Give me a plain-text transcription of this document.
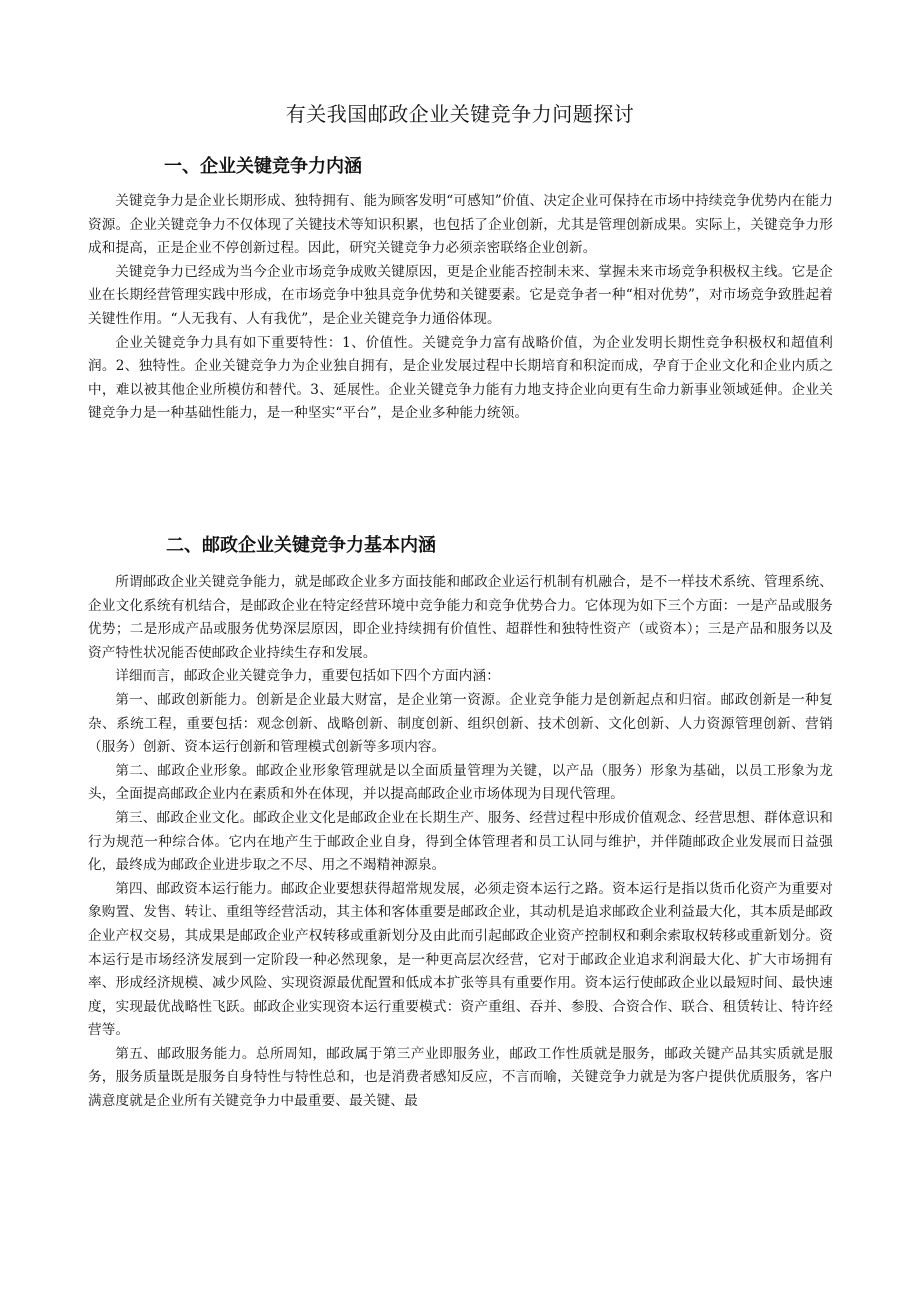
有关我国邮政企业关键竞争力问题探讨
一、企业关键竞争力内涵

关键竞争力是企业长期形成、独特拥有、能为顾客发明“可感知”价值、决定企业可保持在市场中持续竞争优势内在能力资源。企业关键竞争力不仅体现了关键技术等知识积累，也包括了企业创新，尤其是管理创新成果。实际上，关键竞争力形成和提高，正是企业不停创新过程。因此，研究关键竞争力必须亲密联络企业创新。

关键竞争力已经成为当今企业市场竞争成败关键原因，更是企业能否控制未来、掌握未来市场竞争积极权主线。它是企业在长期经营管理实践中形成，在市场竞争中独具竞争优势和关键要素。它是竞争者一种“相对优势”，对市场竞争致胜起着关键性作用。“人无我有、人有我优”，是企业关键竞争力通俗体现。

企业关键竞争力具有如下重要特性：1、价值性。关键竞争力富有战略价值，为企业发明长期性竞争积极权和超值利润。2、独特性。企业关键竞争力为企业独自拥有，是企业发展过程中长期培育和积淀而成，孕育于企业文化和企业内质之中，难以被其他企业所模仿和替代。3、延展性。企业关键竞争力能有力地支持企业向更有生命力新事业领域延伸。企业关键竞争力是一种基础性能力，是一种坚实“平台”，是企业多种能力统领。

二、邮政企业关键竞争力基本内涵

所谓邮政企业关键竞争能力，就是邮政企业多方面技能和邮政企业运行机制有机融合，是不一样技术系统、管理系统、企业文化系统有机结合，是邮政企业在特定经营环境中竞争能力和竞争优势合力。它体现为如下三个方面：一是产品或服务优势；二是形成产品或服务优势深层原因，即企业持续拥有价值性、超群性和独特性资产（或资本）；三是产品和服务以及资产特性状况能否使邮政企业持续生存和发展。

详细而言，邮政企业关键竞争力，重要包括如下四个方面内涵：

第一、邮政创新能力。创新是企业最大财富，是企业第一资源。企业竞争能力是创新起点和归宿。邮政创新是一种复杂、系统工程，重要包括：观念创新、战略创新、制度创新、组织创新、技术创新、文化创新、人力资源管理创新、营销（服务）创新、资本运行创新和管理模式创新等多项内容。

第二、邮政企业形象。邮政企业形象管理就是以全面质量管理为关键，以产品（服务）形象为基础，以员工形象为龙头，全面提高邮政企业内在素质和外在体现，并以提高邮政企业市场体现为目现代管理。

第三、邮政企业文化。邮政企业文化是邮政企业在长期生产、服务、经营过程中形成价值观念、经营思想、群体意识和行为规范一种综合体。它内在地产生于邮政企业自身，得到全体管理者和员工认同与维护，并伴随邮政企业发展而日益强化，最终成为邮政企业进步取之不尽、用之不竭精神源泉。

第四、邮政资本运行能力。邮政企业要想获得超常规发展，必须走资本运行之路。资本运行是指以货币化资产为重要对象购置、发售、转让、重组等经营活动，其主体和客体重要是邮政企业，其动机是追求邮政企业利益最大化，其本质是邮政企业产权交易，其成果是邮政企业产权转移或重新划分及由此而引起邮政企业资产控制权和剩余索取权转移或重新划分。资本运行是市场经济发展到一定阶段一种必然现象，是一种更高层次经营，它对于邮政企业追求利润最大化、扩大市场拥有率、形成经济规模、减少风险、实现资源最优配置和低成本扩张等具有重要作用。资本运行使邮政企业以最短时间、最快速度，实现最优战略性飞跃。邮政企业实现资本运行重要模式：资产重组、吞并、参股、合资合作、联合、租赁转让、特许经营等。

第五、邮政服务能力。总所周知，邮政属于第三产业即服务业，邮政工作性质就是服务，邮政关键产品其实质就是服务，服务质量既是服务自身特性与特性总和，也是消费者感知反应，不言而喻，关键竞争力就是为客户提供优质服务，客户满意度就是企业所有关键竞争力中最重要、最关键、最
